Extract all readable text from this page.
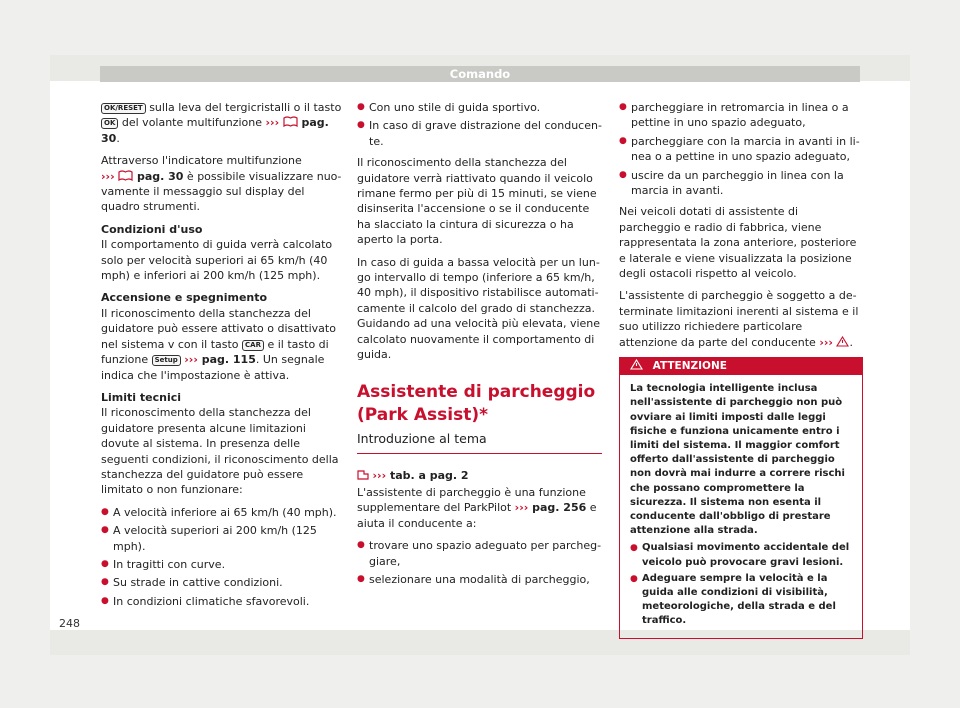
Comando

OK/RESET sulla leva del tergicristalli o il tasto OK del volante multifunzione ›››  pag. 30.

Attraverso l'indicatore multifunzione
›››  pag. 30 è possibile visualizzare nuovamente il messaggio sul display del quadro strumenti.

Condizioni d'uso

Il comportamento di guida verrà calcolato solo per velocità superiori ai 65 km/h (40 mph) e inferiori ai 200 km/h (125 mph).

Accensione e spegnimento

Il riconoscimento della stanchezza del guidatore può essere attivato o disattivato nel sistema v con il tasto CAR e il tasto di funzione Setup ››› pag. 115. Un segnale indica che l'impostazione è attiva.

Limiti tecnici

Il riconoscimento della stanchezza del guidatore presenta alcune limitazioni dovute al sistema. In presenza delle seguenti condizioni, il riconoscimento della stanchezza del guidatore può essere limitato o non funzionare:

● A velocità inferiore ai 65 km/h (40 mph).
● A velocità superiori ai 200 km/h (125 mph).
● In tragitti con curve.
● Su strade in cattive condizioni.
● In condizioni climatiche sfavorevoli.
● Con uno stile di guida sportivo.
● In caso di grave distrazione del conducente.

Il riconoscimento della stanchezza del guidatore verrà riattivato quando il veicolo rimane fermo per più di 15 minuti, se viene disinserita l'accensione o se il conducente ha slacciato la cintura di sicurezza o ha aperto la porta.

In caso di guida a bassa velocità per un lungo intervallo di tempo (inferiore a 65 km/h, 40 mph), il dispositivo ristabilisce automaticamente il calcolo del grado di stanchezza. Guidando ad una velocità più elevata, viene calcolato nuovamente il comportamento di guida.

Assistente di parcheggio (Park Assist)*
Introduzione al tema

››› tab. a pag. 2

L'assistente di parcheggio è una funzione supplementare del ParkPilot ››› pag. 256 e aiuta il conducente a:

● trovare uno spazio adeguato per parcheggiare,
● selezionare una modalità di parcheggio,
● parcheggiare in retromarcia in linea o a pettine in uno spazio adeguato,
● parcheggiare con la marcia in avanti in linea o a pettine in uno spazio adeguato,
● uscire da un parcheggio in linea con la marcia in avanti.

Nei veicoli dotati di assistente di parcheggio e radio di fabbrica, viene rappresentata la zona anteriore, posteriore e laterale e viene visualizzata la posizione degli ostacoli rispetto al veicolo.

L'assistente di parcheggio è soggetto a determinate limitazioni inerenti al sistema e il suo utilizzo richiedere particolare attenzione da parte del conducente ››› .

ATTENZIONE
La tecnologia intelligente inclusa nell'assistente di parcheggio non può ovviare ai limiti imposti dalle leggi fisiche e funziona unicamente entro i limiti del sistema. Il maggior comfort offerto dall'assistente di parcheggio non dovrà mai indurre a correre rischi che possano compromettere la sicurezza. Il sistema non esenta il conducente dall'obbligo di prestare attenzione alla strada.
● Qualsiasi movimento accidentale del veicolo può provocare gravi lesioni.
● Adeguare sempre la velocità e la guida alle condizioni di visibilità, meteorologiche, della strada e del traffico.
248
